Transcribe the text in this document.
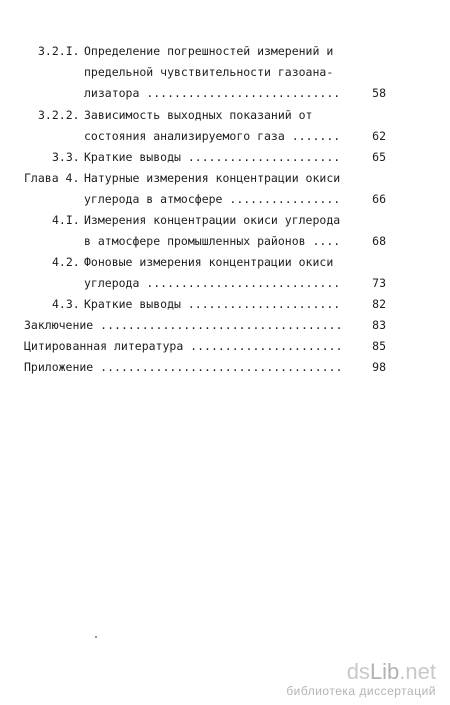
3.2.I. Определение погрешностей измерений и
предельной чувствительности газоана-
лизатора .....	58
3.2.2. Зависимость выходных показаний от
состояния анализируемого газа .....	62
3.3. Краткие выводы .....	65
Глава 4. Натурные измерения концентрации окиси
углерода в атмосфере .....	66
4.I. Измерения концентрации окиси углерода
в атмосфере промышленных районов .....	68
4.2. Фоновые измерения концентрации окиси
углерода .....	73
4.3. Краткие выводы .....	82
Заключение .....	83
Цитированная литература .....	85
Приложение .....	98
dsLib.net
библиотека диссертаций
